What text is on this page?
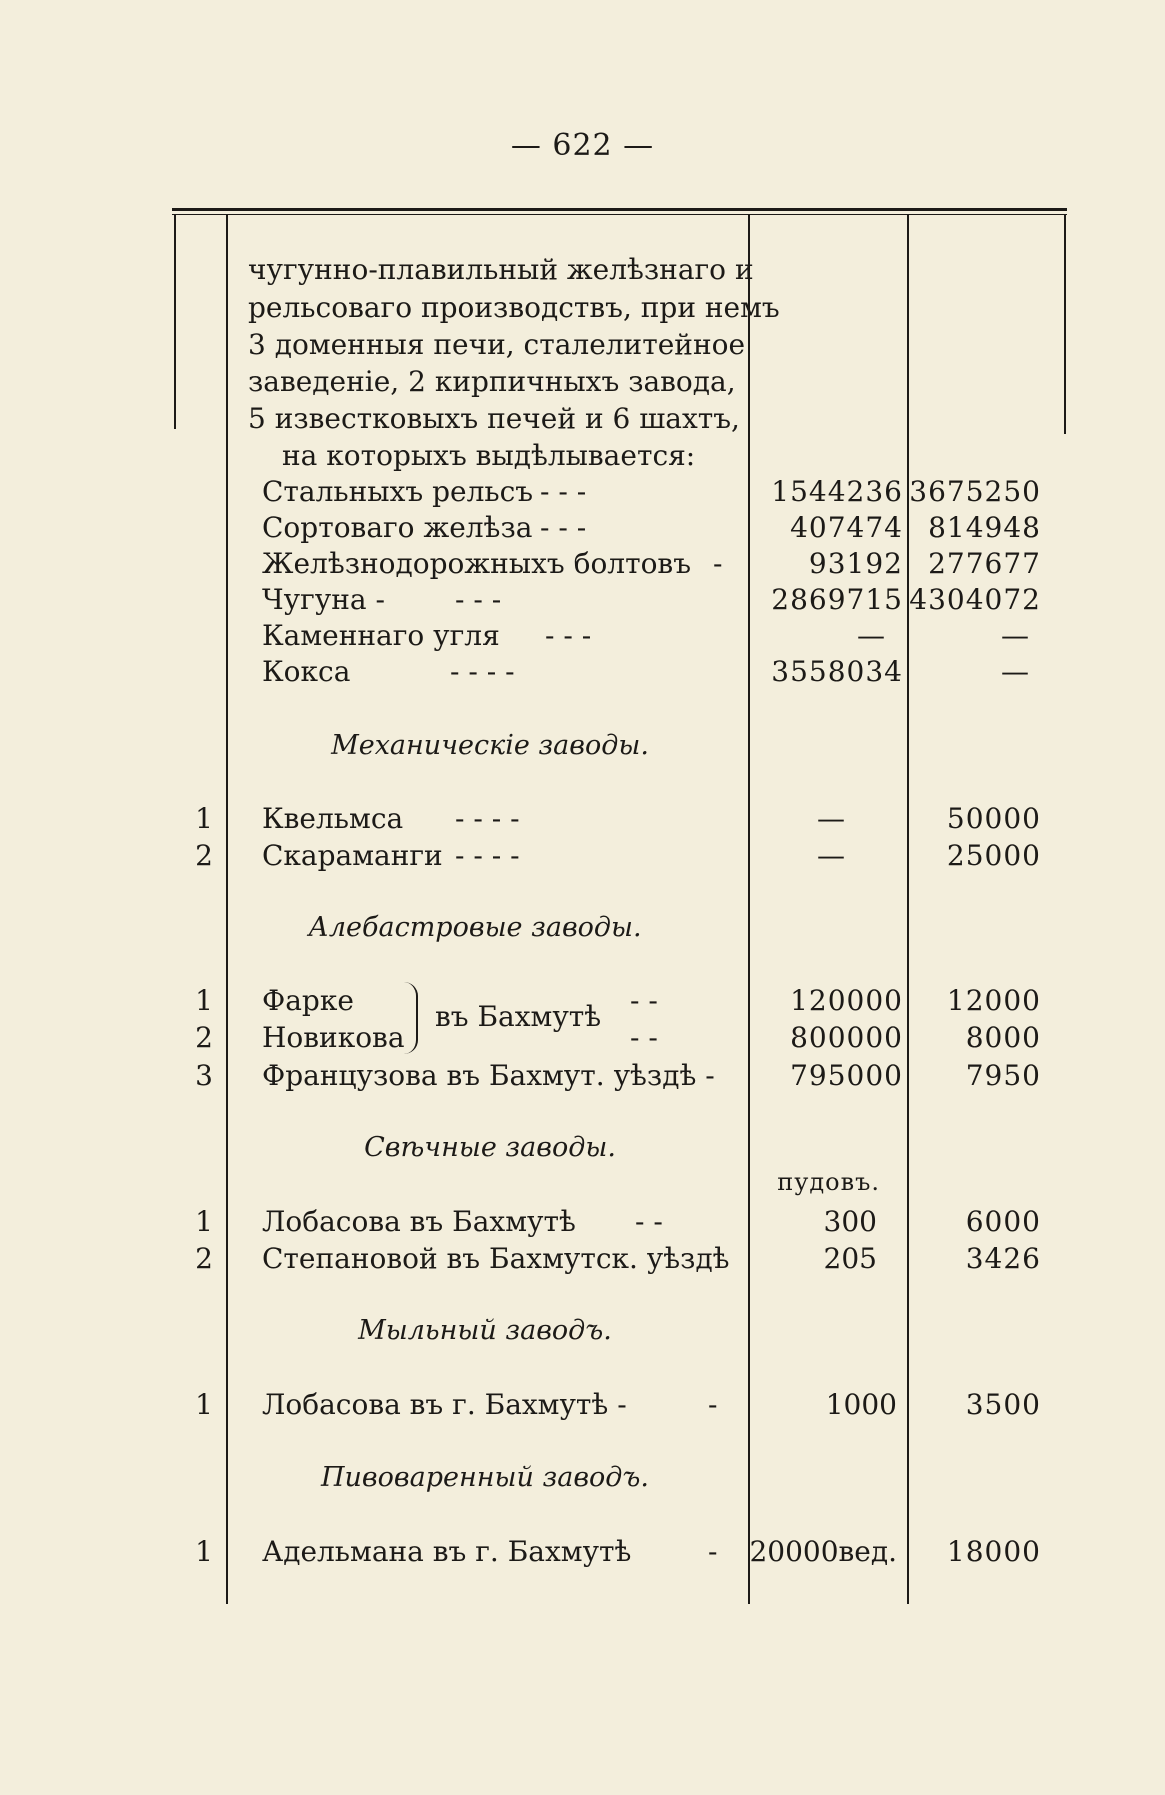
— 622 —
чугунно-плавильный желѣзнаго и
рельсоваго производствъ, при немъ
3 доменныя печи, сталелитейное
заведеніе, 2 кирпичныхъ завода,
5 известковыхъ печей и 6 шахтъ,
на которыхъ выдѣлывается:
Стальныхъ рельсъ - - -	1544236 3675250
Сортоваго желѣза - - -	407474 814948
Желѣзнодорожныхъ болтовъ -	93192 277677
Чугуна -	- - -	2869715 4304072
Каменнаго угля - - -	—	—
Кокса	- - - -	3558034	—
Механическіе заводы.
1 Квельмса - - - -	—	50000
2 Скараманги - - - -	—	25000
Алебастровые заводы.
1 Фарке	- -	120000 12000
2 Новикова	- -	800000 8000
въ Бахмутѣ
3 Французова въ Бахмут. уѣздѣ -	795000 7950
Свѣчные заводы.
пудовъ.
1 Лобасова въ Бахмутѣ - -	300	6000
2 Степановой въ Бахмутск. уѣздѣ	205	3426
Мыльный заводъ.
1 Лобасова въ г. Бахмутѣ -	-	1000 3500
Пивоваренный заводъ.
1 Адельмана въ г. Бахмутѣ	- 20000вед. 18000
